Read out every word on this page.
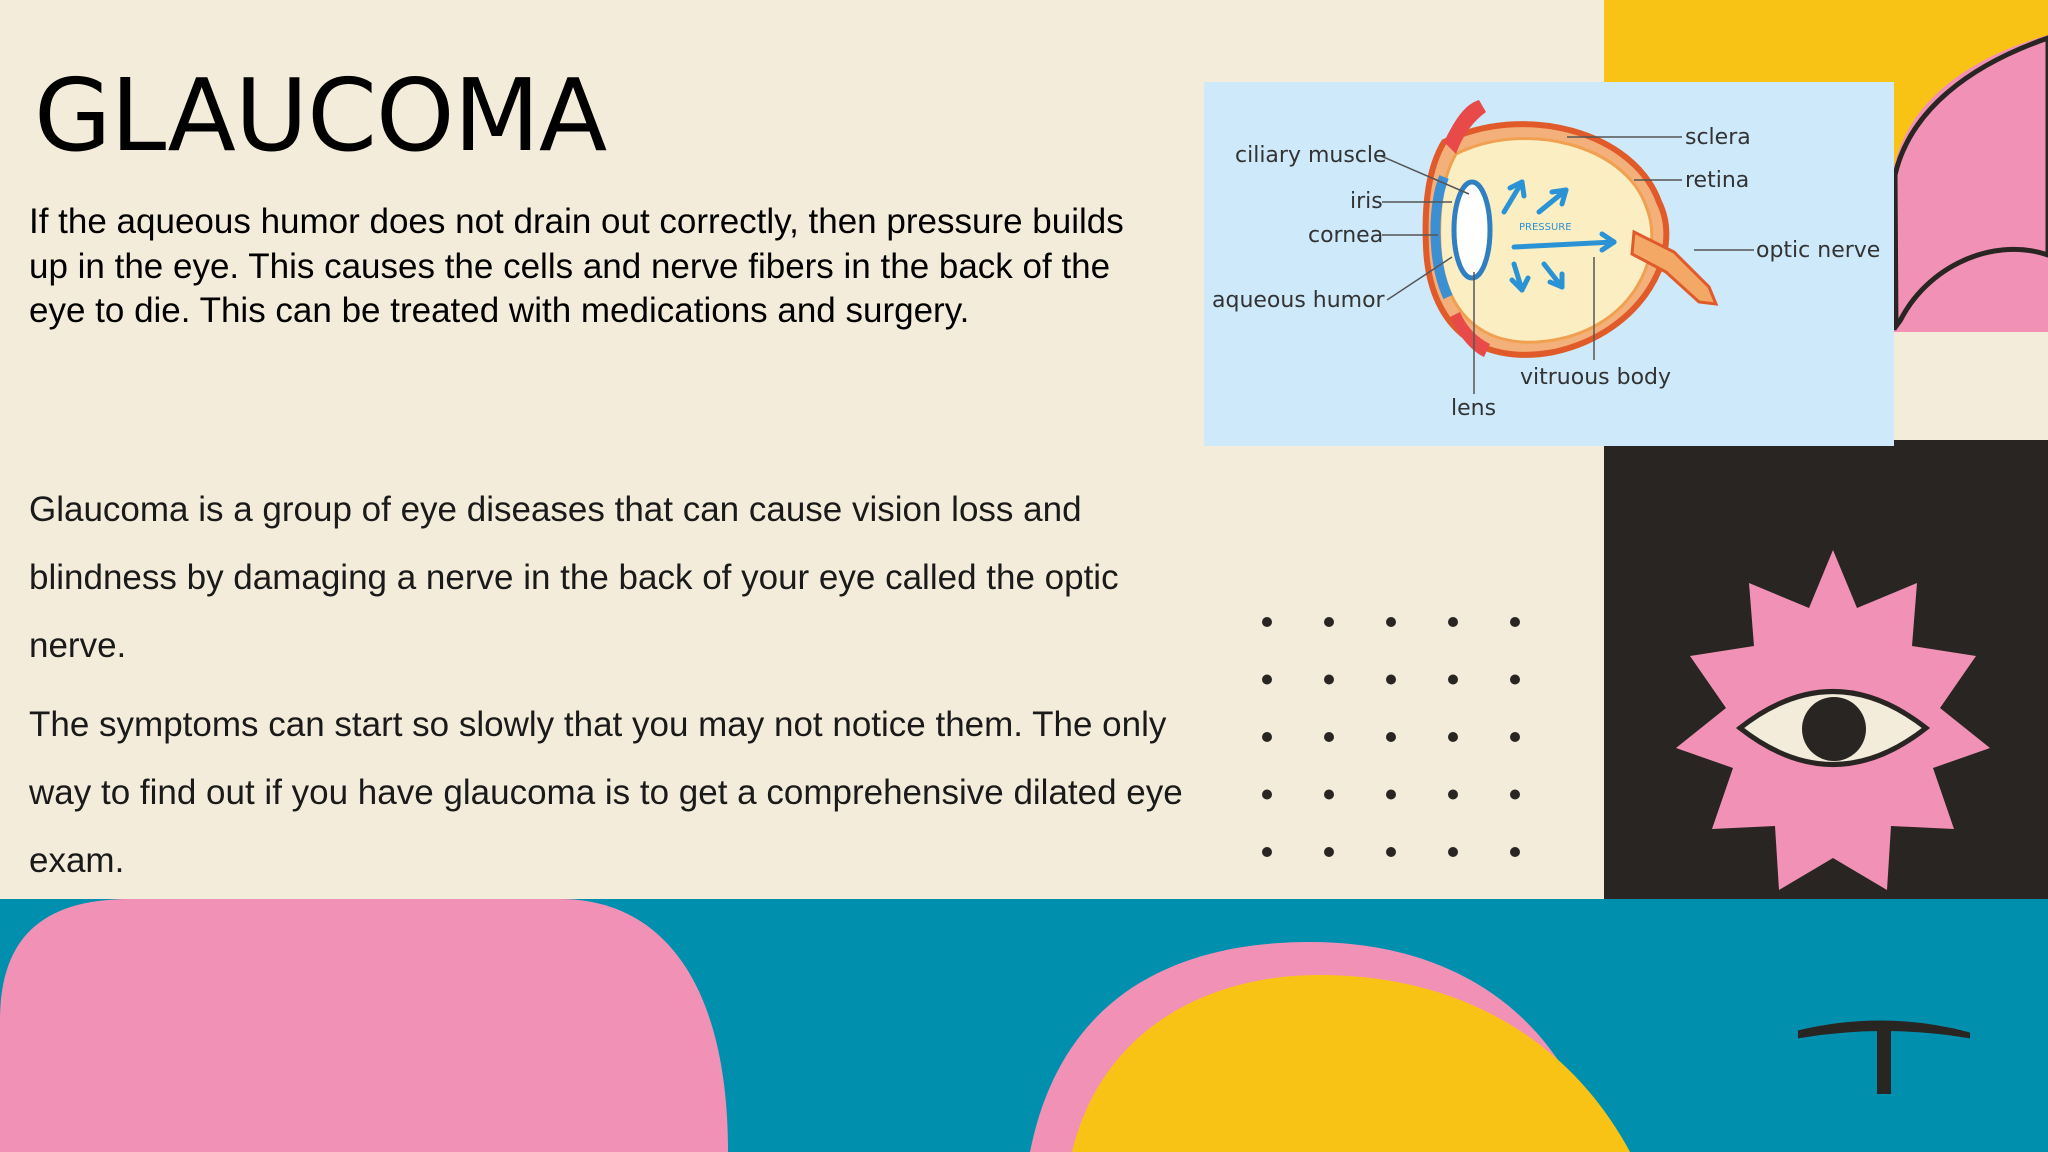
GLAUCOMA

If the aqueous humor does not drain out correctly, then pressure builds up in the eye. This causes the cells and nerve fibers in the back of the eye to die. This can be treated with medications and surgery.

Glaucoma is a group of eye diseases that can cause vision loss and blindness by damaging a nerve in the back of your eye called the optic nerve.

The symptoms can start so slowly that you may not notice them. The only way to find out if you have glaucoma is to get a comprehensive dilated eye exam.

PRESSURE
ciliary muscle
iris
cornea
aqueous humor
sclera
retina
optic nerve
vitruous body
lens
